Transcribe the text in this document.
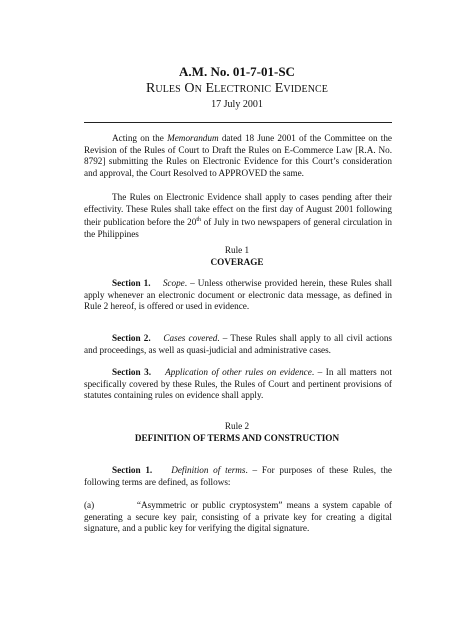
A.M. No. 01-7-01-SC
Rules On Electronic Evidence
17 July 2001
Acting on the Memorandum dated 18 June 2001 of the Committee on the Revision of the Rules of Court to Draft the Rules on E-Commerce Law [R.A. No. 8792] submitting the Rules on Electronic Evidence for this Court’s consideration and approval, the Court Resolved to APPROVED the same.
The Rules on Electronic Evidence shall apply to cases pending after their effectivity. These Rules shall take effect on the first day of August 2001 following their publication before the 20th of July in two newspapers of general circulation in the Philippines
Rule 1
COVERAGE
Section 1. Scope. – Unless otherwise provided herein, these Rules shall apply whenever an electronic document or electronic data message, as defined in Rule 2 hereof, is offered or used in evidence.
Section 2. Cases covered. – These Rules shall apply to all civil actions and proceedings, as well as quasi-judicial and administrative cases.
Section 3. Application of other rules on evidence. – In all matters not specifically covered by these Rules, the Rules of Court and pertinent provisions of statutes containing rules on evidence shall apply.
Rule 2
DEFINITION OF TERMS AND CONSTRUCTION
Section 1. Definition of terms. – For purposes of these Rules, the following terms are defined, as follows:
(a)	“Asymmetric or public cryptosystem” means a system capable of generating a secure key pair, consisting of a private key for creating a digital signature, and a public key for verifying the digital signature.
